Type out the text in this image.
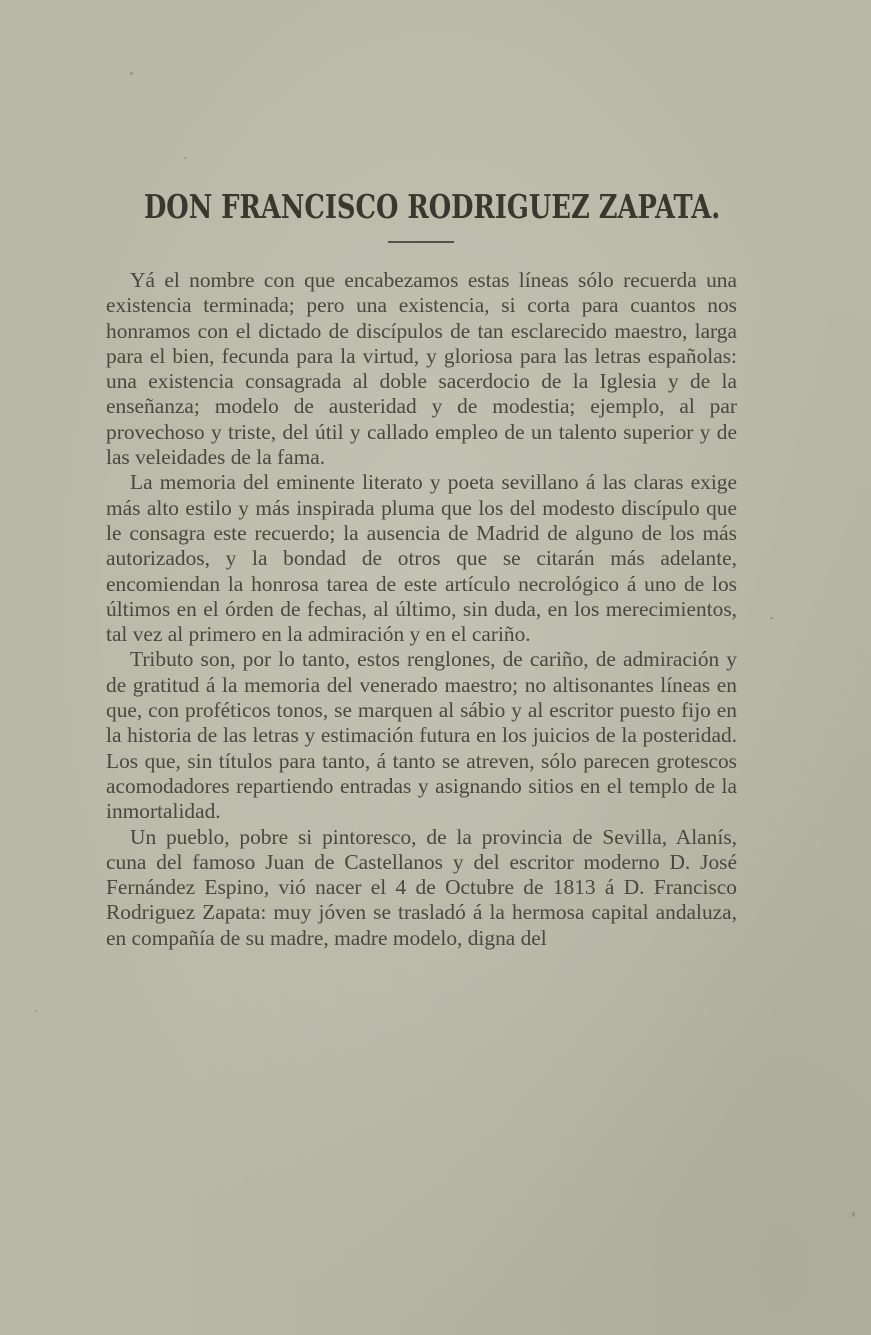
DON FRANCISCO RODRIGUEZ ZAPATA.

Yá el nombre con que encabezamos estas líneas sólo recuerda una existencia terminada; pero una existencia, si corta para cuantos nos honramos con el dictado de discípulos de tan esclarecido maestro, larga para el bien, fecunda para la virtud, y gloriosa para las letras españolas: una existencia consagrada al doble sacerdocio de la Iglesia y de la enseñanza; modelo de austeridad y de modestia; ejemplo, al par provechoso y triste, del útil y callado empleo de un talento superior y de las veleidades de la fama.

La memoria del eminente literato y poeta sevillano á las claras exige más alto estilo y más inspirada pluma que los del modesto discípulo que le consagra este recuerdo; la ausencia de Madrid de alguno de los más autorizados, y la bondad de otros que se citarán más adelante, encomiendan la honrosa tarea de este artículo necrológico á uno de los últimos en el órden de fechas, al último, sin duda, en los merecimientos, tal vez al primero en la admiración y en el cariño.

Tributo son, por lo tanto, estos renglones, de cariño, de admiración y de gratitud á la memoria del venerado maestro; no altisonantes líneas en que, con proféticos tonos, se marquen al sábio y al escritor puesto fijo en la historia de las letras y estimación futura en los juicios de la posteridad. Los que, sin títulos para tanto, á tanto se atreven, sólo parecen grotescos acomodadores repartiendo entradas y asignando sitios en el templo de la inmortalidad.

Un pueblo, pobre si pintoresco, de la provincia de Sevilla, Alanís, cuna del famoso Juan de Castellanos y del escritor moderno D. José Fernández Espino, vió nacer el 4 de Octubre de 1813 á D. Francisco Rodriguez Zapata: muy jóven se trasladó á la hermosa capital andaluza, en compañía de su madre, madre modelo, digna del
